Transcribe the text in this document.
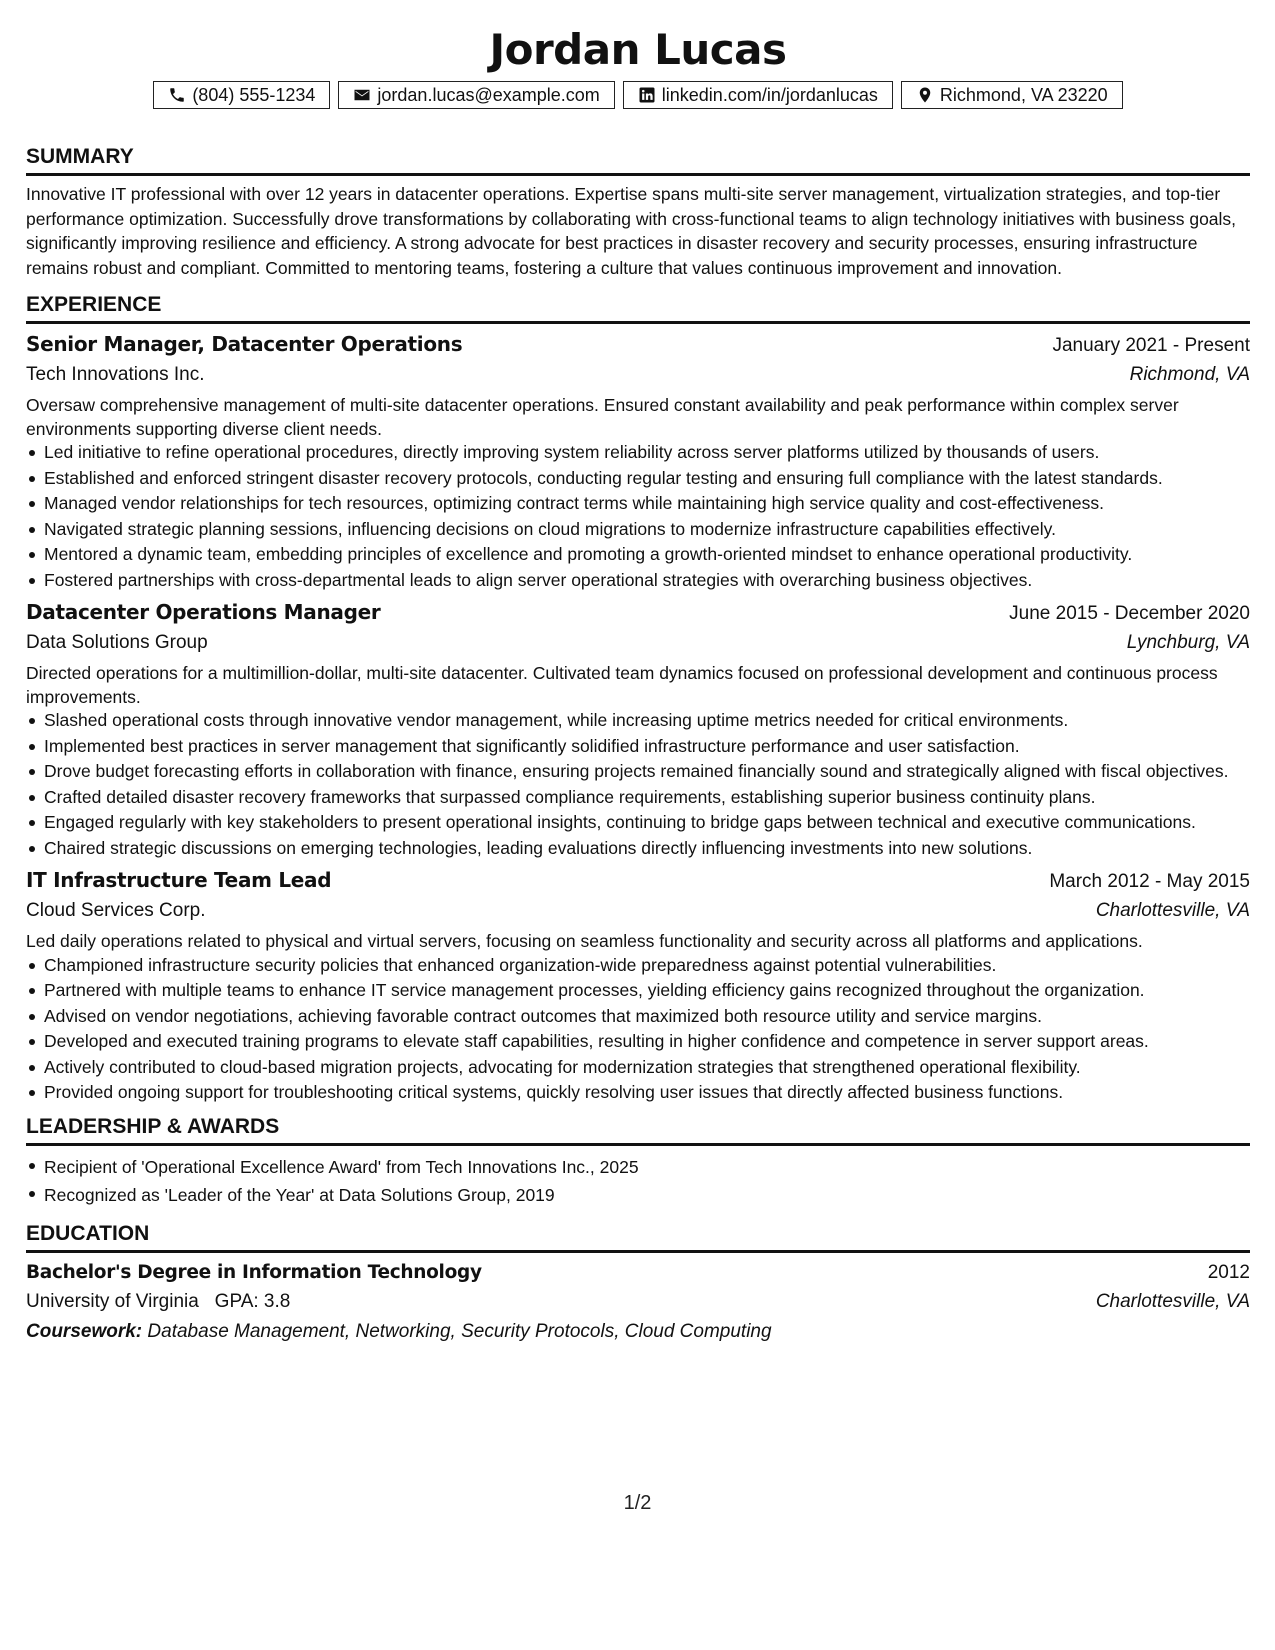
Jordan Lucas
(804) 555-1234	jordan.lucas@example.com	linkedin.com/in/jordanlucas	Richmond, VA 23220
SUMMARY
Innovative IT professional with over 12 years in datacenter operations. Expertise spans multi-site server management, virtualization strategies, and top-tier performance optimization. Successfully drove transformations by collaborating with cross-functional teams to align technology initiatives with business goals, significantly improving resilience and efficiency. A strong advocate for best practices in disaster recovery and security processes, ensuring infrastructure remains robust and compliant. Committed to mentoring teams, fostering a culture that values continuous improvement and innovation.
EXPERIENCE
Senior Manager, Datacenter Operations	January 2021 - Present
Tech Innovations Inc.	Richmond, VA
Oversaw comprehensive management of multi-site datacenter operations. Ensured constant availability and peak performance within complex server environments supporting diverse client needs.
Led initiative to refine operational procedures, directly improving system reliability across server platforms utilized by thousands of users.
Established and enforced stringent disaster recovery protocols, conducting regular testing and ensuring full compliance with the latest standards.
Managed vendor relationships for tech resources, optimizing contract terms while maintaining high service quality and cost-effectiveness.
Navigated strategic planning sessions, influencing decisions on cloud migrations to modernize infrastructure capabilities effectively.
Mentored a dynamic team, embedding principles of excellence and promoting a growth-oriented mindset to enhance operational productivity.
Fostered partnerships with cross-departmental leads to align server operational strategies with overarching business objectives.
Datacenter Operations Manager	June 2015 - December 2020
Data Solutions Group	Lynchburg, VA
Directed operations for a multimillion-dollar, multi-site datacenter. Cultivated team dynamics focused on professional development and continuous process improvements.
Slashed operational costs through innovative vendor management, while increasing uptime metrics needed for critical environments.
Implemented best practices in server management that significantly solidified infrastructure performance and user satisfaction.
Drove budget forecasting efforts in collaboration with finance, ensuring projects remained financially sound and strategically aligned with fiscal objectives.
Crafted detailed disaster recovery frameworks that surpassed compliance requirements, establishing superior business continuity plans.
Engaged regularly with key stakeholders to present operational insights, continuing to bridge gaps between technical and executive communications.
Chaired strategic discussions on emerging technologies, leading evaluations directly influencing investments into new solutions.
IT Infrastructure Team Lead	March 2012 - May 2015
Cloud Services Corp.	Charlottesville, VA
Led daily operations related to physical and virtual servers, focusing on seamless functionality and security across all platforms and applications.
Championed infrastructure security policies that enhanced organization-wide preparedness against potential vulnerabilities.
Partnered with multiple teams to enhance IT service management processes, yielding efficiency gains recognized throughout the organization.
Advised on vendor negotiations, achieving favorable contract outcomes that maximized both resource utility and service margins.
Developed and executed training programs to elevate staff capabilities, resulting in higher confidence and competence in server support areas.
Actively contributed to cloud-based migration projects, advocating for modernization strategies that strengthened operational flexibility.
Provided ongoing support for troubleshooting critical systems, quickly resolving user issues that directly affected business functions.
LEADERSHIP & AWARDS
Recipient of 'Operational Excellence Award' from Tech Innovations Inc., 2025
Recognized as 'Leader of the Year' at Data Solutions Group, 2019
EDUCATION
Bachelor's Degree in Information Technology	2012
University of Virginia   GPA: 3.8	Charlottesville, VA
Coursework: Database Management, Networking, Security Protocols, Cloud Computing
1/2
